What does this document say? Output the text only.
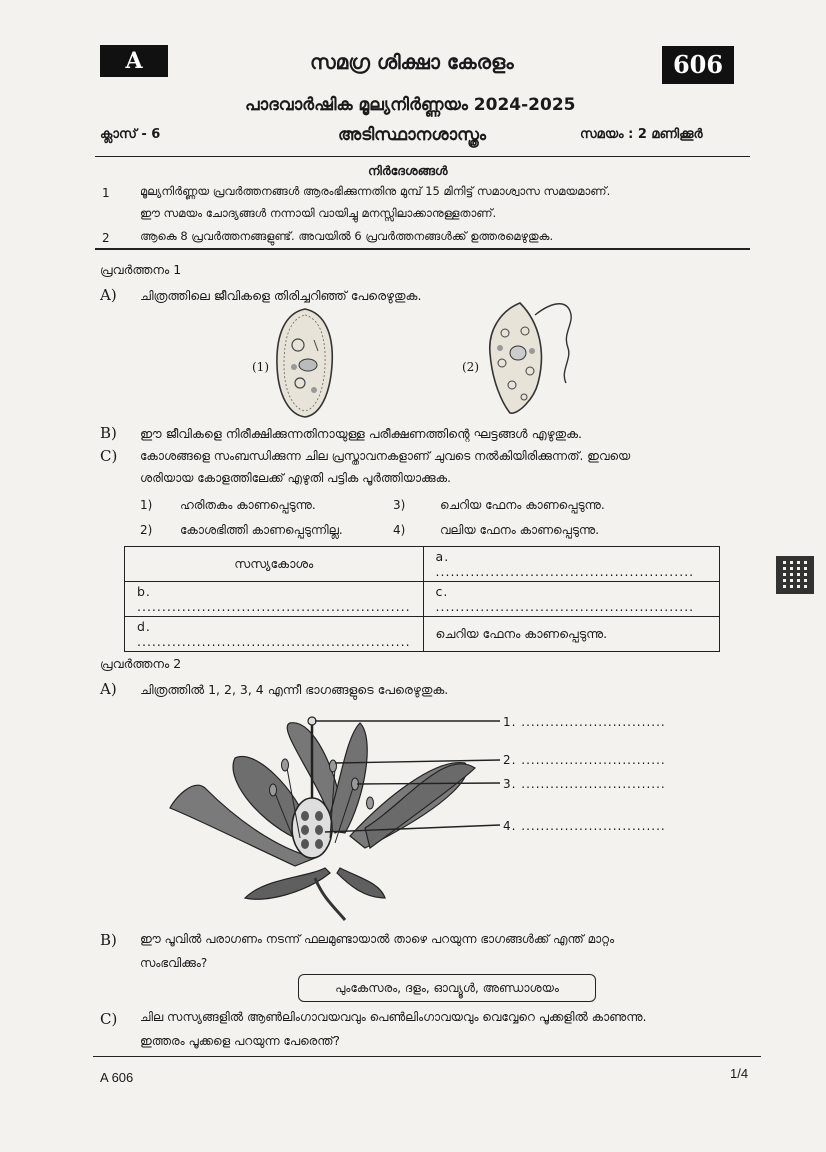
A	സമഗ്ര ശിക്ഷാ കേരളം	606
പാദവാർഷിക മൂല്യനിർണ്ണയം 2024-2025
ക്ലാസ് - 6	അടിസ്ഥാനശാസ്ത്രം	സമയം : 2 മണിക്കൂർ
നിർദേശങ്ങൾ
1	മൂല്യനിർണ്ണയ പ്രവർത്തനങ്ങൾ ആരംഭിക്കുന്നതിനു മുമ്പ് 15 മിനിട്ട് സമാശ്വാസ സമയമാണ്.
ഈ സമയം ചോദ്യങ്ങൾ നന്നായി വായിച്ചു മനസ്സിലാക്കാനുള്ളതാണ്.
2	ആകെ 8 പ്രവർത്തനങ്ങളുണ്ട്. അവയിൽ 6 പ്രവർത്തനങ്ങൾക്ക് ഉത്തരമെഴുതുക.
പ്രവർത്തനം 1
A) ചിത്രത്തിലെ ജീവികളെ തിരിച്ചറിഞ്ഞ് പേരെഴുതുക.
(1)	(2)
B) ഈ ജീവികളെ നിരീക്ഷിക്കുന്നതിനായുള്ള പരീക്ഷണത്തിന്റെ ഘട്ടങ്ങൾ എഴുതുക.
C) കോശങ്ങളെ സംബന്ധിക്കുന്ന ചില പ്രസ്താവനകളാണ് ചുവടെ നൽകിയിരിക്കുന്നത്. ഇവയെ
ശരിയായ കോളത്തിലേക്ക് എഴുതി പട്ടിക പൂർത്തിയാക്കുക.
1) ഹരിതകം കാണപ്പെടുന്നു.	3)	ചെറിയ ഫേനം കാണപ്പെടുന്നു.
2) കോശഭിത്തി കാണപ്പെടുന്നില്ല.	4)	വലിയ ഫേനം കാണപ്പെടുന്നു.
സസ്യകോശം	a. ....................................................
b. .......................................................	c. ....................................................
d. .......................................................	ചെറിയ ഫേനം കാണപ്പെടുന്നു.
പ്രവർത്തനം 2
A) ചിത്രത്തിൽ 1, 2, 3, 4 എന്നീ ഭാഗങ്ങളുടെ പേരെഴുതുക.
1. ..............................
2. ..............................
3. ..............................
4. ..............................
B) ഈ പൂവിൽ പരാഗണം നടന്ന് ഫലമുണ്ടായാൽ താഴെ പറയുന്ന ഭാഗങ്ങൾക്ക് എന്ത് മാറ്റം
സംഭവിക്കും?
പുംകേസരം, ദളം, ഓവ്യൂൾ, അണ്ഡാശയം
C) ചില സസ്യങ്ങളിൽ ആൺലിംഗാവയവവും പെൺലിംഗാവയവും വെവ്വേറെ പൂക്കളിൽ കാണുന്നു.
ഇത്തരം പൂക്കളെ പറയുന്ന പേരെന്ത്?
A 606	1/4
